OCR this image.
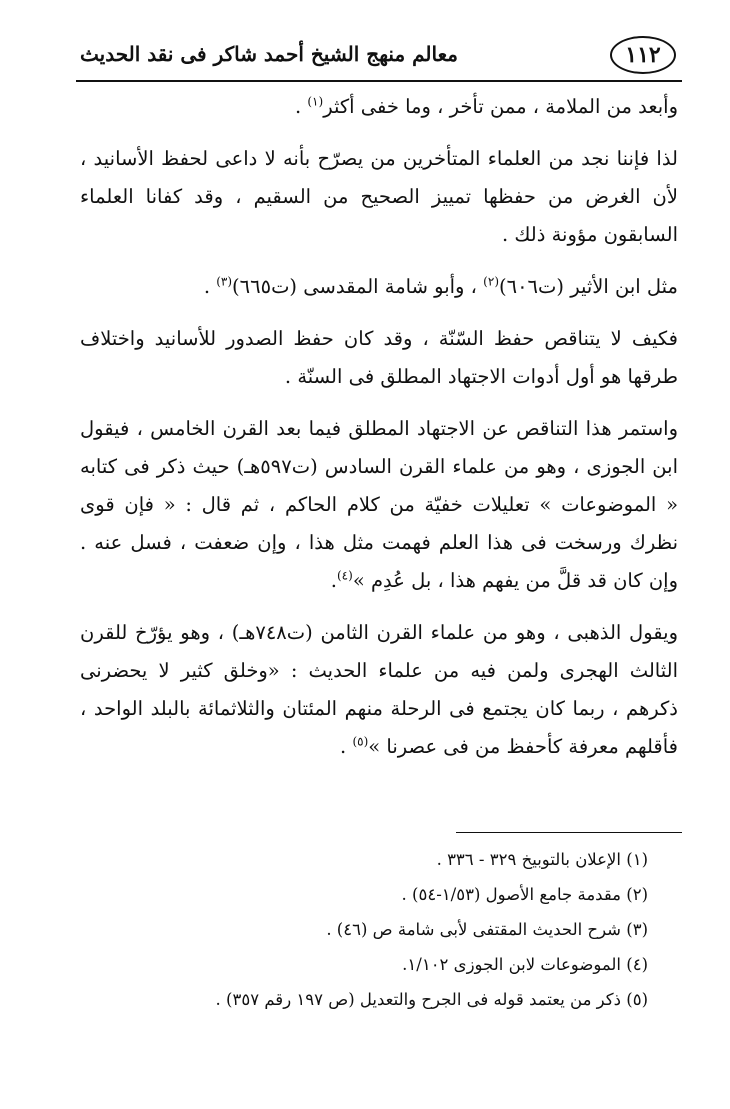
١١٢
معالم منهج الشيخ أحمد شاكر فى نقد الحديث

وأبعد من الملامة ، ممن تأخر ، وما خفى أكثر$^{(١)}$ .

لذا فإننا نجد من العلماء المتأخرين من يصرّح بأنه لا داعى لحفظ الأسانيد ، لأن الغرض من حفظها تمييز الصحيح من السقيم ، وقد كفانا العلماء السابقون مؤونة ذلك .

مثل ابن الأثير (ت٦٠٦)$^{(٢)}$ ، وأبو شامة المقدسى (ت٦٦٥)$^{(٣)}$ .

فكيف لا يتناقص حفظ السّنّة ، وقد كان حفظ الصدور للأسانيد واختلاف طرقها هو أول أدوات الاجتهاد المطلق فى السنّة .

واستمر هذا التناقص عن الاجتهاد المطلق فيما بعد القرن الخامس ، فيقول ابن الجوزى ، وهو من علماء القرن السادس (ت٥٩٧هـ) حيث ذكر فى كتابه « الموضوعات » تعليلات خفيّة من كلام الحاكم ، ثم قال : « فإن قوى نظرك ورسخت فى هذا العلم فهمت مثل هذا ، وإن ضعفت ، فسل عنه . وإن كان قد قلَّ من يفهم هذا ، بل عُدِم »$^{(٤)}$.

ويقول الذهبى ، وهو من علماء القرن الثامن (ت٧٤٨هـ) ، وهو يؤرّخ للقرن الثالث الهجرى ولمن فيه من علماء الحديث : «وخلق كثير لا يحضرنى ذكرهم ، ربما كان يجتمع فى الرحلة منهم المئتان والثلاثمائة بالبلد الواحد ، فأقلهم معرفة كأحفظ من فى عصرنا »$^{(٥)}$ .

(١) الإعلان بالتوبيخ ٣٢٩ - ٣٣٦ .
(٢) مقدمة جامع الأصول (١/٥٣-٥٤) .
(٣) شرح الحديث المقتفى لأبى شامة ص (٤٦) .
(٤) الموضوعات لابن الجوزى ١/١٠٢.
(٥) ذكر من يعتمد قوله فى الجرح والتعديل (ص ١٩٧ رقم ٣٥٧) .
